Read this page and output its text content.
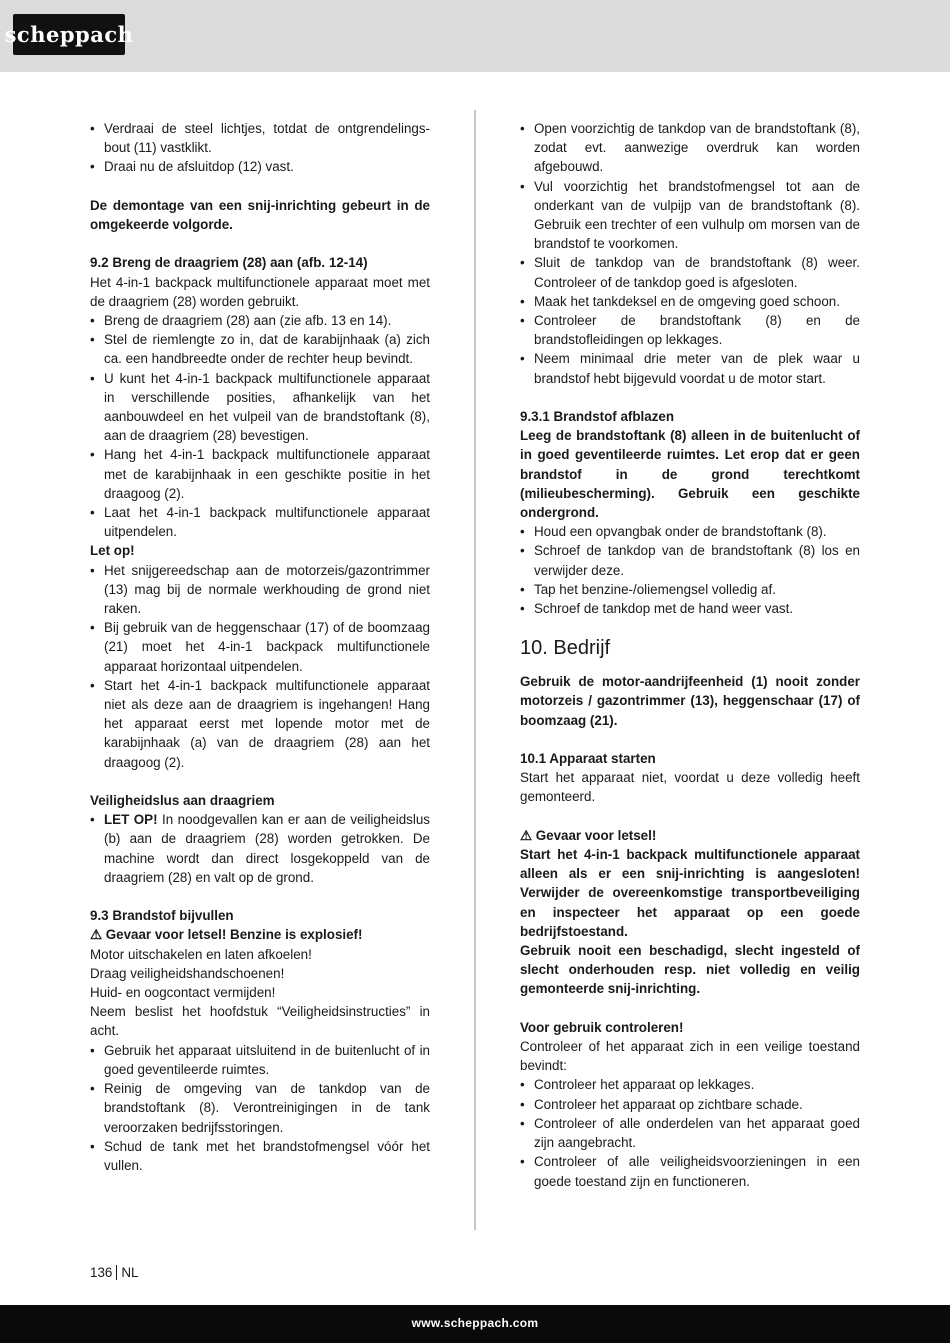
scheppach
• Verdraai de steel lichtjes, totdat de ontgrendelings-bout (11) vastklikt.
• Draai nu de afsluitdop (12) vast.

De demontage van een snij-inrichting gebeurt in de omgekeerde volgorde.

9.2 Breng de draagriem (28) aan (afb. 12-14)

Het 4-in-1 backpack multifunctionele apparaat moet met de draagriem (28) worden gebruikt.

• Breng de draagriem (28) aan (zie afb. 13 en 14).
• Stel de riemlengte zo in, dat de karabijnhaak (a) zich ca. een handbreedte onder de rechter heup bevindt.
• U kunt het 4-in-1 backpack multifunctionele apparaat in verschillende posities, afhankelijk van het aanbouwdeel en het vulpeil van de brandstoftank (8), aan de draagriem (28) bevestigen.
• Hang het 4-in-1 backpack multifunctionele apparaat met de karabijnhaak in een geschikte positie in het draagoog (2).
• Laat het 4-in-1 backpack multifunctionele apparaat uitpendelen.

Let op!

• Het snijgereedschap aan de motorzeis/gazontrimmer (13) mag bij de normale werkhouding de grond niet raken.
• Bij gebruik van de heggenschaar (17) of de boomzaag (21) moet het 4-in-1 backpack multifunctionele apparaat horizontaal uitpendelen.
• Start het 4-in-1 backpack multifunctionele apparaat niet als deze aan de draagriem is ingehangen! Hang het apparaat eerst met lopende motor met de karabijnhaak (a) van de draagriem (28) aan het draagoog (2).

Veiligheidslus aan draagriem

• LET OP! In noodgevallen kan er aan de veiligheidslus (b) aan de draagriem (28) worden getrokken. De machine wordt dan direct losgekoppeld van de draagriem (28) en valt op de grond.

9.3 Brandstof bijvullen

⚠ Gevaar voor letsel! Benzine is explosief!

Motor uitschakelen en laten afkoelen!

Draag veiligheidshandschoenen!

Huid- en oogcontact vermijden!

Neem beslist het hoofdstuk “Veiligheidsinstructies” in acht.

• Gebruik het apparaat uitsluitend in de buitenlucht of in goed geventileerde ruimtes.
• Reinig de omgeving van de tankdop van de brandstoftank (8). Verontreinigingen in de tank veroorzaken bedrijfsstoringen.
• Schud de tank met het brandstofmengsel vóór het vullen.
• Open voorzichtig de tankdop van de brandstoftank (8), zodat evt. aanwezige overdruk kan worden afgebouwd.
• Vul voorzichtig het brandstofmengsel tot aan de onderkant van de vulpijp van de brandstoftank (8). Gebruik een trechter of een vulhulp om morsen van de brandstof te voorkomen.
• Sluit de tankdop van de brandstoftank (8) weer. Controleer of de tankdop goed is afgesloten.
• Maak het tankdeksel en de omgeving goed schoon.
• Controleer de brandstoftank (8) en de brandstofleidingen op lekkages.
• Neem minimaal drie meter van de plek waar u brandstof hebt bijgevuld voordat u de motor start.

9.3.1 Brandstof afblazen

Leeg de brandstoftank (8) alleen in de buitenlucht of in goed geventileerde ruimtes. Let erop dat er geen brandstof in de grond terechtkomt (milieubescherming). Gebruik een geschikte ondergrond.

• Houd een opvangbak onder de brandstoftank (8).
• Schroef de tankdop van de brandstoftank (8) los en verwijder deze.
• Tap het benzine-/oliemengsel volledig af.
• Schroef de tankdop met de hand weer vast.

10. Bedrijf

Gebruik de motor-aandrijfeenheid (1) nooit zonder motorzeis / gazontrimmer (13), heggenschaar (17) of boomzaag (21).

10.1 Apparaat starten

Start het apparaat niet, voordat u deze volledig heeft gemonteerd.

⚠ Gevaar voor letsel!

Start het 4-in-1 backpack multifunctionele apparaat alleen als er een snij-inrichting is aangesloten! Verwijder de overeenkomstige transportbeveiliging en inspecteer het apparaat op een goede bedrijfstoestand.

Gebruik nooit een beschadigd, slecht ingesteld of slecht onderhouden resp. niet volledig en veilig gemonteerde snij-inrichting.

Voor gebruik controleren!

Controleer of het apparaat zich in een veilige toestand bevindt:

• Controleer het apparaat op lekkages.
• Controleer het apparaat op zichtbare schade.
• Controleer of alle onderdelen van het apparaat goed zijn aangebracht.
• Controleer of alle veiligheidsvoorzieningen in een goede toestand zijn en functioneren.
136 NL
www.scheppach.com
